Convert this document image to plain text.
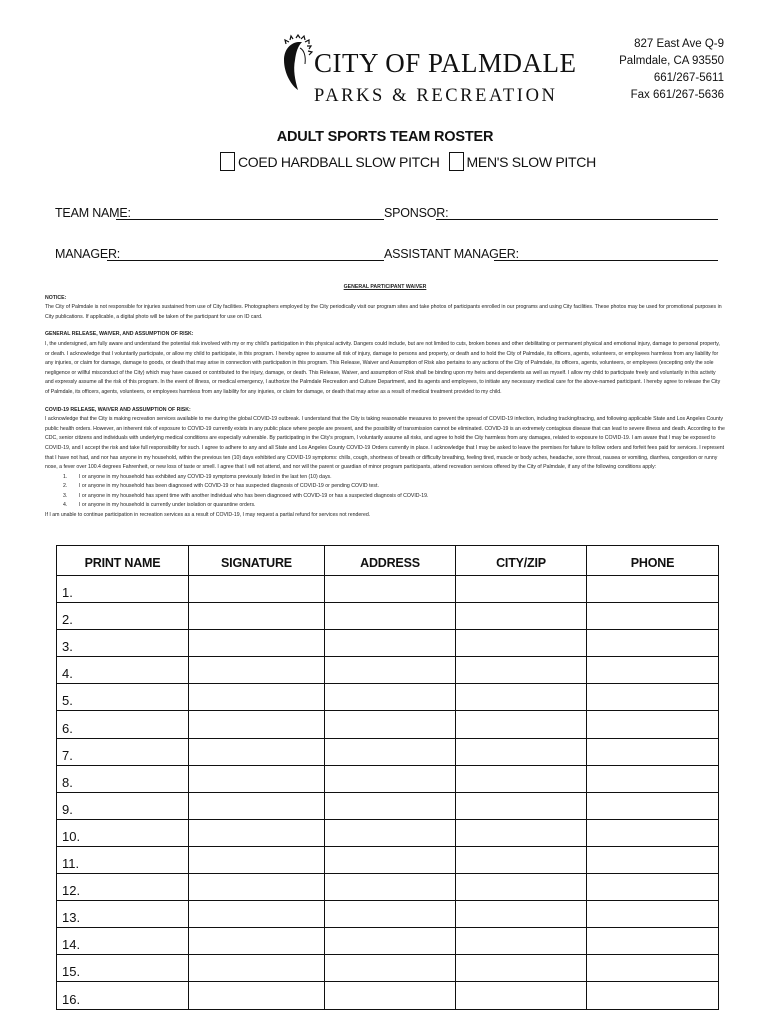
CITY OF PALMDALE
PARKS & RECREATION
827 East Ave Q-9
Palmdale, CA 93550
661/267-5611
Fax 661/267-5636
ADULT SPORTS TEAM ROSTER
COED HARDBALL SLOW PITCH MEN'S SLOW PITCH
TEAM NAME:	SPONSOR:
MANAGER:	ASSISTANT MANAGER:

GENERAL PARTICIPANT WAIVER

NOTICE:

The City of Palmdale is not responsible for injuries sustained from use of City facilities. Photographers employed by the City periodically visit our program sites and take photos of participants enrolled in our programs and using City facilities. These photos may be used for promotional purposes in City publications. If applicable, a digital photo will be taken of the participant for use on ID card.

GENERAL RELEASE, WAIVER, AND ASSUMPTION OF RISK:

I, the undersigned, am fully aware and understand the potential risk involved with my or my child's participation in this physical activity. Dangers could include, but are not limited to cuts, broken bones and other debilitating or permanent physical and emotional injury, damage to personal property, or death. I acknowledge that I voluntarily participate, or allow my child to participate, in this program. I hereby agree to assume all risk of injury, damage to persons and property, or death and to hold the City of Palmdale, its officers, agents, volunteers, or employees harmless from any liability for any injuries, or claim for damage, damage to goods, or death that may arise in connection with participation in this program. This Release, Waiver and Assumption of Risk also pertains to any actions of the City of Palmdale, its officers, agents, volunteers, or employees (excepting only the sole negligence or willful misconduct of the City) which may have caused or contributed to the injury, damage, or death. This Release, Waiver, and assumption of Risk shall be binding upon my heirs and dependents as well as myself. I allow my child to participate freely and voluntarily in this activity and expressly assume all the risk of this program. In the event of illness, or medical emergency, I authorize the Palmdale Recreation and Culture Department, and its agents and employees, to initiate any necessary medical care for the above-named participant. I hereby agree to release the City of Palmdale, its officers, agents, volunteers, or employees harmless from any liability for any injuries, or claim for damage, or death that may arise as a result of medical treatment provided to my child.

COVID-19 RELEASE, WAIVER AND ASSUMPTION OF RISK:

I acknowledge that the City is making recreation services available to me during the global COVID-19 outbreak. I understand that the City is taking reasonable measures to prevent the spread of COVID-19 infection, including tracking/tracing, and following applicable State and Los Angeles County public health orders. However, an inherent risk of exposure to COVID-19 currently exists in any public place where people are present, and the possibility of transmission cannot be eliminated. COVID-19 is an extremely contagious disease that can lead to severe illness and death. According to the CDC, senior citizens and individuals with underlying medical conditions are especially vulnerable. By participating in the City's program, I voluntarily assume all risks, and agree to hold the City harmless from any damages, related to exposure to COVID-19. I am aware that I may be exposed to COVID-19, and I accept the risk and take full responsibility for such. I agree to adhere to any and all State and Los Angeles County COVID-19 Orders currently in place. I acknowledge that I may be asked to leave the premises for failure to follow orders and forfeit fees paid for services. I represent that I have not had, and nor has anyone in my household, within the previous ten (10) days exhibited any COVID-19 symptoms: chills, cough, shortness of breath or difficulty breathing, feeling tired, muscle or body aches, headache, sore throat, nausea or vomiting, diarrhea, congestion or runny nose, a fever over 100.4 degrees Fahrenheit, or new loss of taste or smell. I agree that I will not attend, and nor will the parent or guardian of minor program participants, attend recreation services offered by the City of Palmdale, if any of the following conditions apply:

1. I or anyone in my household has exhibited any COVID-19 symptoms previously listed in the last ten (10) days.

2. I or anyone in my household has been diagnosed with COVID-19 or has suspected diagnosis of COVID-19 or pending COVID test.

3. I or anyone in my household has spent time with another individual who has been diagnosed with COVID-19 or has a suspected diagnosis of COVID-19.

4. I or anyone in my household is currently under isolation or quarantine orders.

If I am unable to continue participation in recreation services as a result of COVID-19, I may request a partial refund for services not rendered.

PRINT NAME	SIGNATURE	ADDRESS	CITY/ZIP	PHONE
1.				
2.				
3.				
4.				
5.				
6.				
7.				
8.				
9.				
10.				
11.				
12.				
13.				
14.				
15.				
16.				
